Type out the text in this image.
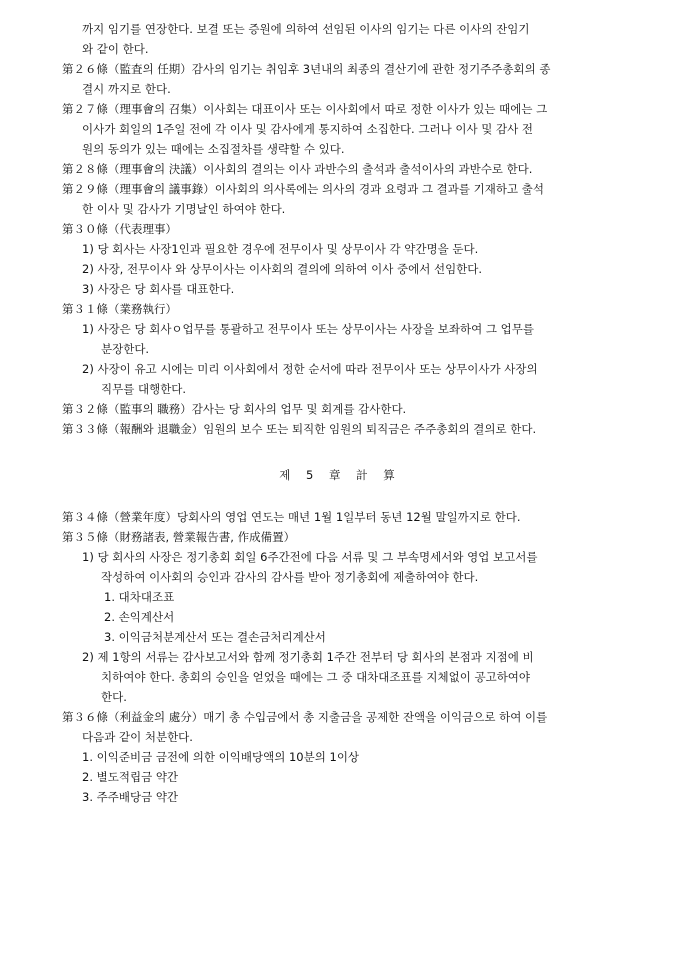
까지 임기를 연장한다. 보결 또는 증원에 의하여 선임된 이사의 임기는 다른 이사의 잔임기
와 같이 한다.
第２６條（監査의 任期）감사의 임기는 취임후 3년내의 최종의 결산기에 관한 정기주주총회의 종
결시 까지로 한다.
第２７條（理事會의 召集）이사회는 대표이사 또는 이사회에서 따로 정한 이사가 있는 때에는 그
이사가 회일의 1주일 전에 각 이사 및 감사에게 통지하여 소집한다. 그러나 이사 및 감사 전
원의 동의가 있는 때에는 소집절차를 생략할 수 있다.
第２８條（理事會의 決議）이사회의 결의는 이사 과반수의 출석과 출석이사의 과반수로 한다.
第２９條（理事會의 議事錄）이사회의 의사록에는 의사의 경과 요령과 그 결과를 기재하고 출석
한 이사 및 감사가 기명날인 하여야 한다.
第３０條（代表理事）
1) 당 회사는 사장1인과 필요한 경우에 전무이사 및 상무이사 각 약간명을 둔다.
2) 사장, 전무이사 와 상무이사는 이사회의 결의에 의하여 이사 중에서 선임한다.
3) 사장은 당 회사를 대표한다.
第３１條（業務執行）
1) 사장은 당 회사ㅇ업무를 통괄하고 전무이사 또는 상무이사는 사장을 보좌하여 그 업무를
분장한다.
2) 사장이 유고 시에는 미리 이사회에서 정한 순서에 따라 전무이사 또는 상무이사가 사장의
직무를 대행한다.
第３２條（監事의 職務）감사는 당 회사의 업무 및 회계를 감사한다.
第３３條（報酬와 退職金）임원의 보수 또는 퇴직한 임원의 퇴직금은 주주총회의 결의로 한다.
제 5 章 計 算
第３４條（營業年度）당회사의 영업 연도는 매년 1월 1일부터 동년 12월 말일까지로 한다.
第３５條（財務諸表, 營業報告書, 作成備置）
1) 당 회사의 사장은 정기총회 회일 6주간전에 다음 서류 및 그 부속명세서와 영업 보고서를
작성하여 이사회의 승인과 감사의 감사를 받아 정기총회에 제출하여야 한다.
1. 대차대조표
2. 손익계산서
3. 이익금처분계산서 또는 결손금처리계산서
2) 제 1항의 서류는 감사보고서와 함께 정기총회 1주간 전부터 당 회사의 본점과 지점에 비
치하여야 한다. 총회의 승인을 얻었을 때에는 그 중 대차대조표를 지체없이 공고하여야
한다.
第３６條（利益金의 處分）매기 총 수입금에서 총 지출금을 공제한 잔액을 이익금으로 하여 이를
다음과 같이 처분한다.
1. 이익준비금 금전에 의한 이익배당액의 10분의 1이상
2. 별도적립금 약간
3. 주주배당금 약간
